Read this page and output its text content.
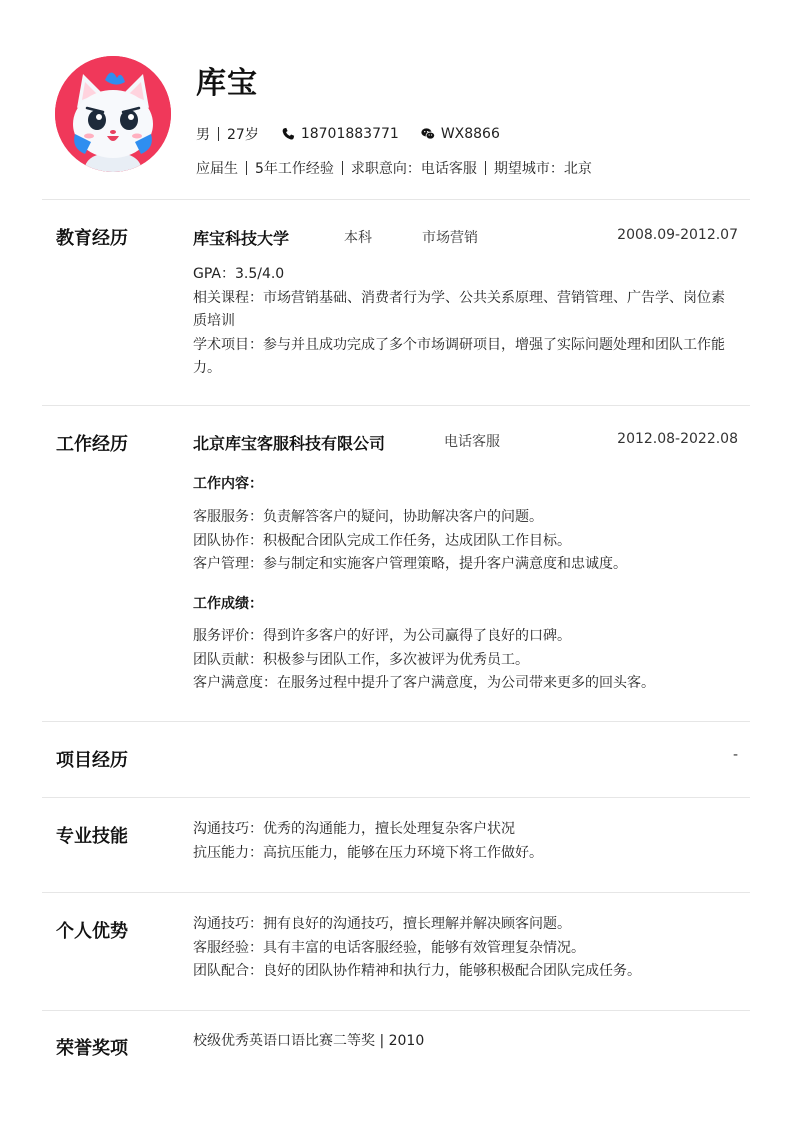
库宝
男 27岁	18701883771	WX8866
应届生 5年工作经验 求职意向：电话客服 期望城市：北京
教育经历	库宝科技大学	本科	市场营销	2008.09-2012.07
GPA：3.5/4.0
相关课程：市场营销基础、消费者行为学、公共关系原理、营销管理、广告学、岗位素质培训
学术项目：参与并且成功完成了多个市场调研项目，增强了实际问题处理和团队工作能力。
工作经历	北京库宝客服科技有限公司	电话客服	2012.08-2022.08
工作内容：
客服服务：负责解答客户的疑问，协助解决客户的问题。
团队协作：积极配合团队完成工作任务，达成团队工作目标。
客户管理：参与制定和实施客户管理策略，提升客户满意度和忠诚度。
工作成绩：
服务评价：得到许多客户的好评，为公司赢得了良好的口碑。
团队贡献：积极参与团队工作，多次被评为优秀员工。
客户满意度：在服务过程中提升了客户满意度，为公司带来更多的回头客。
项目经历	-
专业技能	沟通技巧：优秀的沟通能力，擅长处理复杂客户状况
抗压能力：高抗压能力，能够在压力环境下将工作做好。
个人优势	沟通技巧：拥有良好的沟通技巧，擅长理解并解决顾客问题。
客服经验：具有丰富的电话客服经验，能够有效管理复杂情况。
团队配合：良好的团队协作精神和执行力，能够积极配合团队完成任务。
荣誉奖项	校级优秀英语口语比赛二等奖 | 2010
